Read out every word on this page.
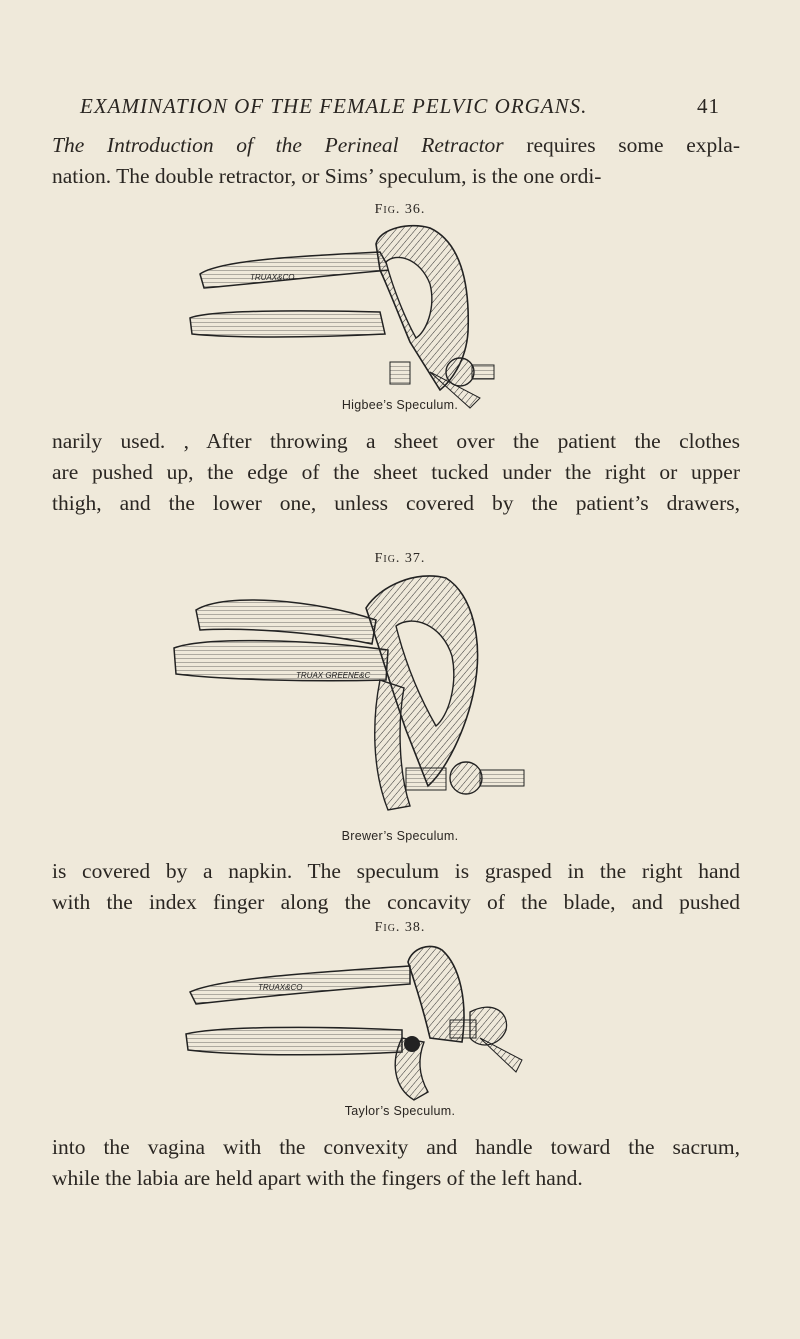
EXAMINATION OF THE FEMALE PELVIC ORGANS.	41
The Introduction of the Perineal Retractor requires some expla-
nation. The double retractor, or Sims’ speculum, is the one ordi-
Fig. 36.
TRUAX&CO
Higbee’s Speculum.
narily used. , After throwing a sheet over the patient the clothes
are pushed up, the edge of the sheet tucked under the right or upper
thigh, and the lower one, unless covered by the patient’s drawers,
Fig. 37.
TRUAX GREENE&C
Brewer’s Speculum.
is covered by a napkin. The speculum is grasped in the right hand
with the index finger along the concavity of the blade, and pushed
Fig. 38.
TRUAX&CO
Taylor’s Speculum.
into the vagina with the convexity and handle toward the sacrum,
while the labia are held apart with the fingers of the left hand.
